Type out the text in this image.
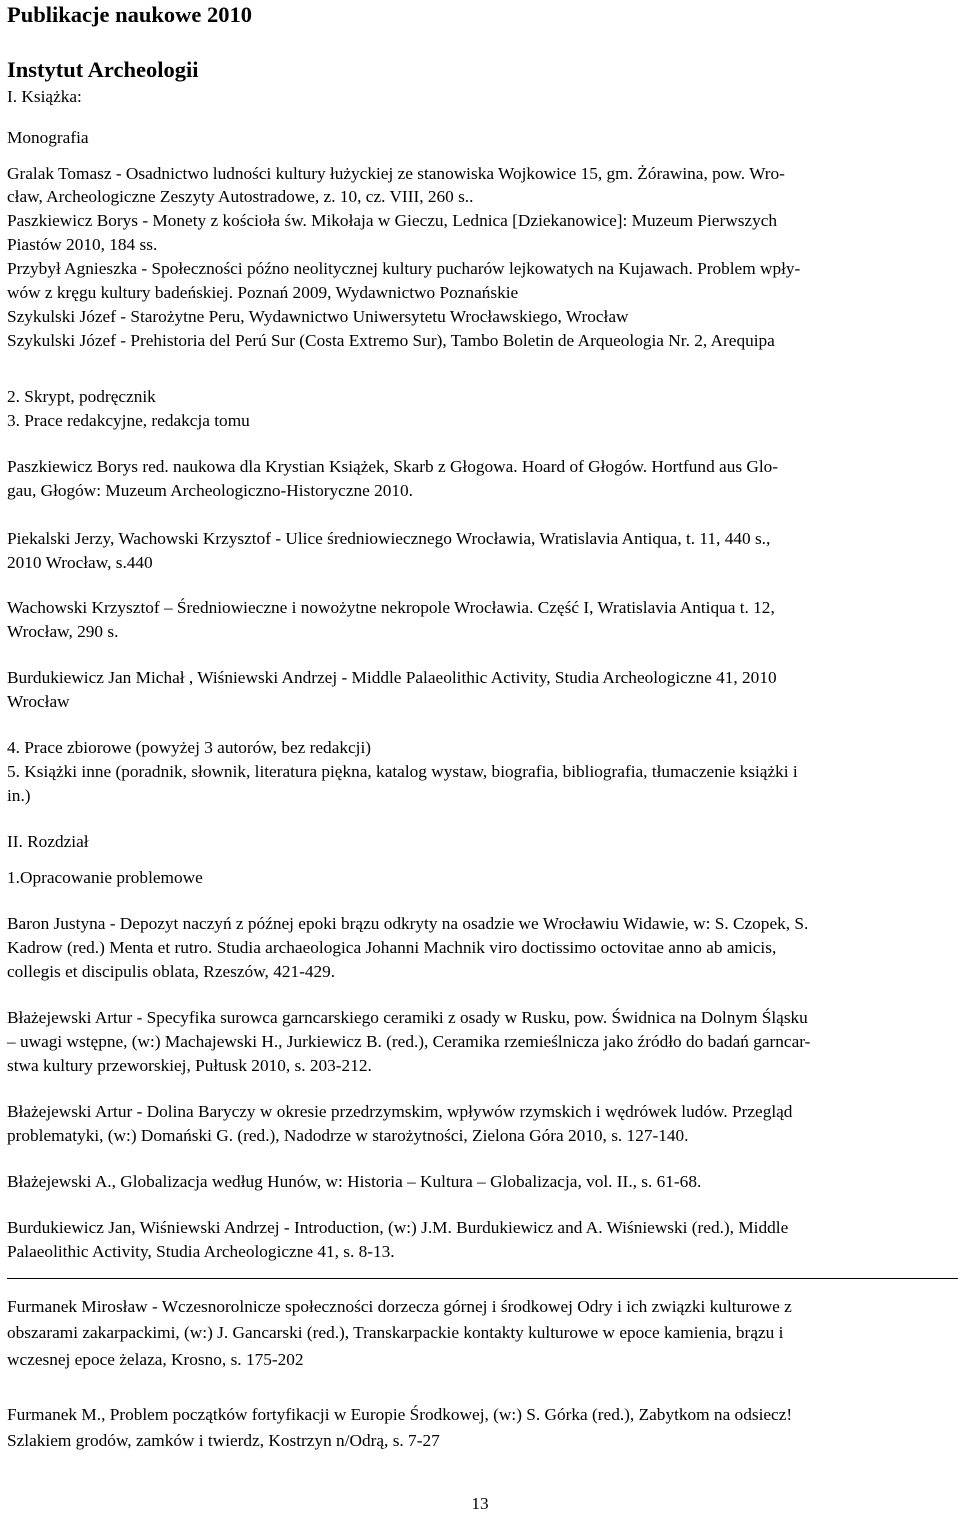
Publikacje naukowe 2010
Instytut Archeologii
I. Książka:
Monografia
Gralak Tomasz - Osadnictwo ludności kultury łużyckiej ze stanowiska Wojkowice 15, gm. Żórawina, pow. Wro-
cław, Archeologiczne Zeszyty Autostradowe, z. 10, cz. VIII, 260 s..
Paszkiewicz Borys - Monety z kościoła św. Mikołaja w Gieczu, Lednica [Dziekanowice]: Muzeum Pierwszych
Piastów 2010, 184 ss.
Przybył Agnieszka - Społeczności późno neolitycznej kultury pucharów lejkowatych na Kujawach. Problem wpły-
wów z kręgu kultury badeńskiej. Poznań 2009, Wydawnictwo Poznańskie
Szykulski Józef - Starożytne Peru, Wydawnictwo Uniwersytetu Wrocławskiego, Wrocław
Szykulski Józef - Prehistoria del Perú Sur (Costa Extremo Sur), Tambo Boletin de Arqueologia Nr. 2, Arequipa
2. Skrypt, podręcznik
3. Prace redakcyjne, redakcja tomu
Paszkiewicz Borys red. naukowa dla Krystian Książek, Skarb z Głogowa. Hoard of Głogów. Hortfund aus Glo-
gau, Głogów: Muzeum Archeologiczno-Historyczne 2010.
Piekalski Jerzy, Wachowski Krzysztof - Ulice średniowiecznego Wrocławia, Wratislavia Antiqua, t. 11, 440 s.,
2010 Wrocław, s.440
Wachowski Krzysztof – Średniowieczne i nowożytne nekropole Wrocławia. Część I, Wratislavia Antiqua t. 12,
Wrocław, 290 s.
Burdukiewicz Jan Michał , Wiśniewski Andrzej - Middle Palaeolithic Activity, Studia Archeologiczne 41, 2010
Wrocław
4. Prace zbiorowe (powyżej 3 autorów, bez redakcji)
5. Książki inne (poradnik, słownik, literatura piękna, katalog wystaw, biografia, bibliografia, tłumaczenie książki i
in.)
II. Rozdział
1.Opracowanie problemowe
Baron Justyna - Depozyt naczyń z późnej epoki brązu odkryty na osadzie we Wrocławiu Widawie, w: S. Czopek, S.
Kadrow (red.) Menta et rutro. Studia archaeologica Johanni Machnik viro doctissimo octovitae anno ab amicis,
collegis et discipulis oblata, Rzeszów, 421-429.
Błażejewski Artur - Specyfika surowca garncarskiego ceramiki z osady w Rusku, pow. Świdnica na Dolnym Śląsku
– uwagi wstępne, (w:) Machajewski H., Jurkiewicz B. (red.), Ceramika rzemieślnicza jako źródło do badań garncar-
stwa kultury przeworskiej, Pułtusk 2010, s. 203-212.
Błażejewski Artur - Dolina Baryczy w okresie przedrzymskim, wpływów rzymskich i wędrówek ludów. Przegląd
problematyki, (w:) Domański G. (red.), Nadodrze w starożytności, Zielona Góra 2010, s. 127-140.
Błażejewski A., Globalizacja według Hunów, w: Historia – Kultura – Globalizacja, vol. II., s. 61-68.
Burdukiewicz Jan, Wiśniewski Andrzej - Introduction, (w:) J.M. Burdukiewicz and A. Wiśniewski (red.), Middle
Palaeolithic Activity, Studia Archeologiczne 41, s. 8-13.
Furmanek Mirosław - Wczesnorolnicze społeczności dorzecza górnej i środkowej Odry i ich związki kulturowe z
obszarami zakarpackimi, (w:) J. Gancarski (red.), Transkarpackie kontakty kulturowe w epoce kamienia, brązu i
wczesnej epoce żelaza, Krosno, s. 175-202
Furmanek M., Problem początków fortyfikacji w Europie Środkowej, (w:) S. Górka (red.), Zabytkom na odsiecz!
Szlakiem grodów, zamków i twierdz, Kostrzyn n/Odrą, s. 7-27
13
